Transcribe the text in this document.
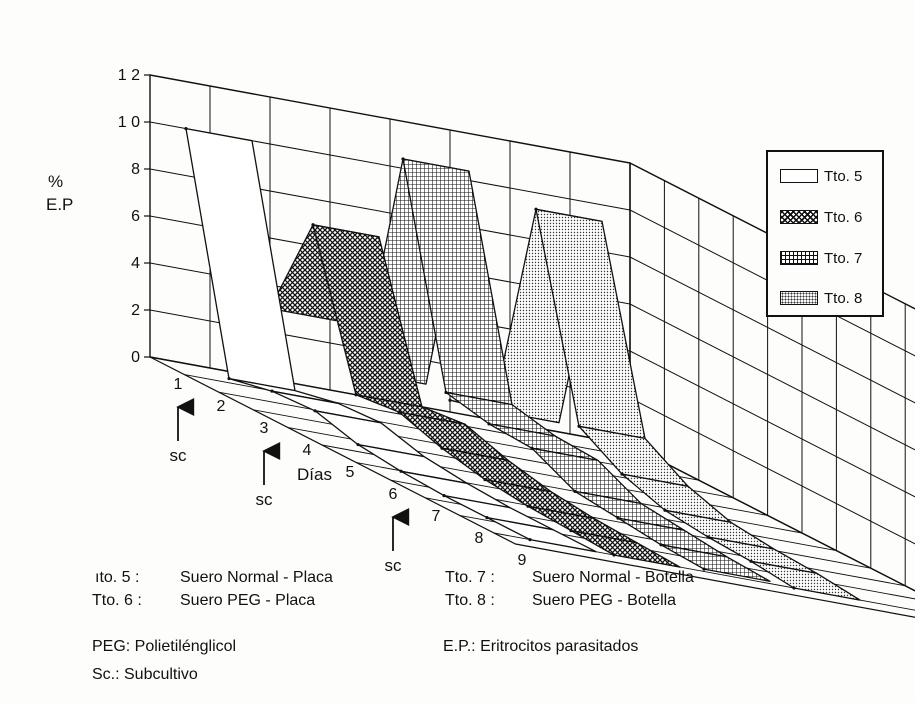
0
2
4
6
8
1 0
1 2
1
2
3
4
5
6
7
8
9
%
E.P
Días
sc
sc
sc
Tto. 5
Tto. 6
Tto. 7
Tto. 8
ıto. 5 :	Suero Normal - Placa
Tto. 6 : Suero PEG - Placa
Tto. 7 : Suero Normal - Botella
Tto. 8 : Suero PEG - Botella
PEG: Polietilénglicol	E.P.: Eritrocitos parasitados
Sc.: Subcultivo
